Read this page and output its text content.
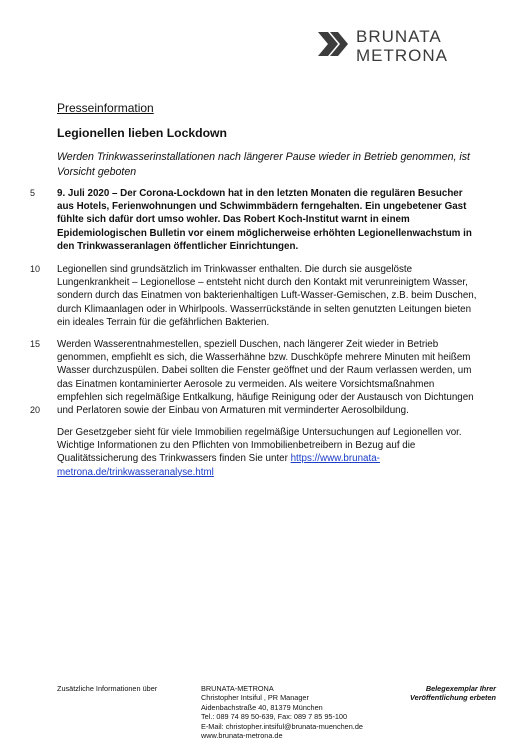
BRUNATA
METRONA
Presseinformation
Legionellen lieben Lockdown
Werden Trinkwasserinstallationen nach längerer Pause wieder in Betrieb genommen, ist Vorsicht geboten
9. Juli 2020 – Der Corona-Lockdown hat in den letzten Monaten die regulären Besucher
aus Hotels, Ferienwohnungen und Schwimmbädern ferngehalten. Ein ungebetener Gast
fühlte sich dafür dort umso wohler. Das Robert Koch-Institut warnt in einem
Epidemiologischen Bulletin vor einem möglicherweise erhöhten Legionellenwachstum in
den Trinkwasseranlagen öffentlicher Einrichtungen.
Legionellen sind grundsätzlich im Trinkwasser enthalten. Die durch sie ausgelöste
Lungenkrankheit – Legionellose – entsteht nicht durch den Kontakt mit verunreinigtem Wasser,
sondern durch das Einatmen von bakterienhaltigen Luft-Wasser-Gemischen, z.B. beim Duschen,
durch Klimaanlagen oder in Whirlpools. Wasserrückstände in selten genutzten Leitungen bieten
ein ideales Terrain für die gefährlichen Bakterien.
Werden Wasserentnahmestellen, speziell Duschen, nach längerer Zeit wieder in Betrieb
genommen, empfiehlt es sich, die Wasserhähne bzw. Duschköpfe mehrere Minuten mit heißem
Wasser durchzuspülen. Dabei sollten die Fenster geöffnet und der Raum verlassen werden, um
das Einatmen kontaminierter Aerosole zu vermeiden. Als weitere Vorsichtsmaßnahmen
empfehlen sich regelmäßige Entkalkung, häufige Reinigung oder der Austausch von Dichtungen
und Perlatoren sowie der Einbau von Armaturen mit verminderter Aerosolbildung.
Der Gesetzgeber sieht für viele Immobilien regelmäßige Untersuchungen auf Legionellen vor.
Wichtige Informationen zu den Pflichten von Immobilienbetreibern in Bezug auf die
Qualitätssicherung des Trinkwassers finden Sie unter https://www.brunata-
metrona.de/trinkwasseranalyse.html
5
10
15
20
Zusätzliche Informationen über	BRUNATA-METRONA
Christopher Intsiful , PR Manager
Aidenbachstraße 40, 81379 München
Tel.: 089 74 89 50-639, Fax: 089 7 85 95-100
E-Mail: christopher.intsiful@brunata-muenchen.de
www.brunata-metrona.de
Belegexemplar Ihrer
Veröffentlichung erbeten
